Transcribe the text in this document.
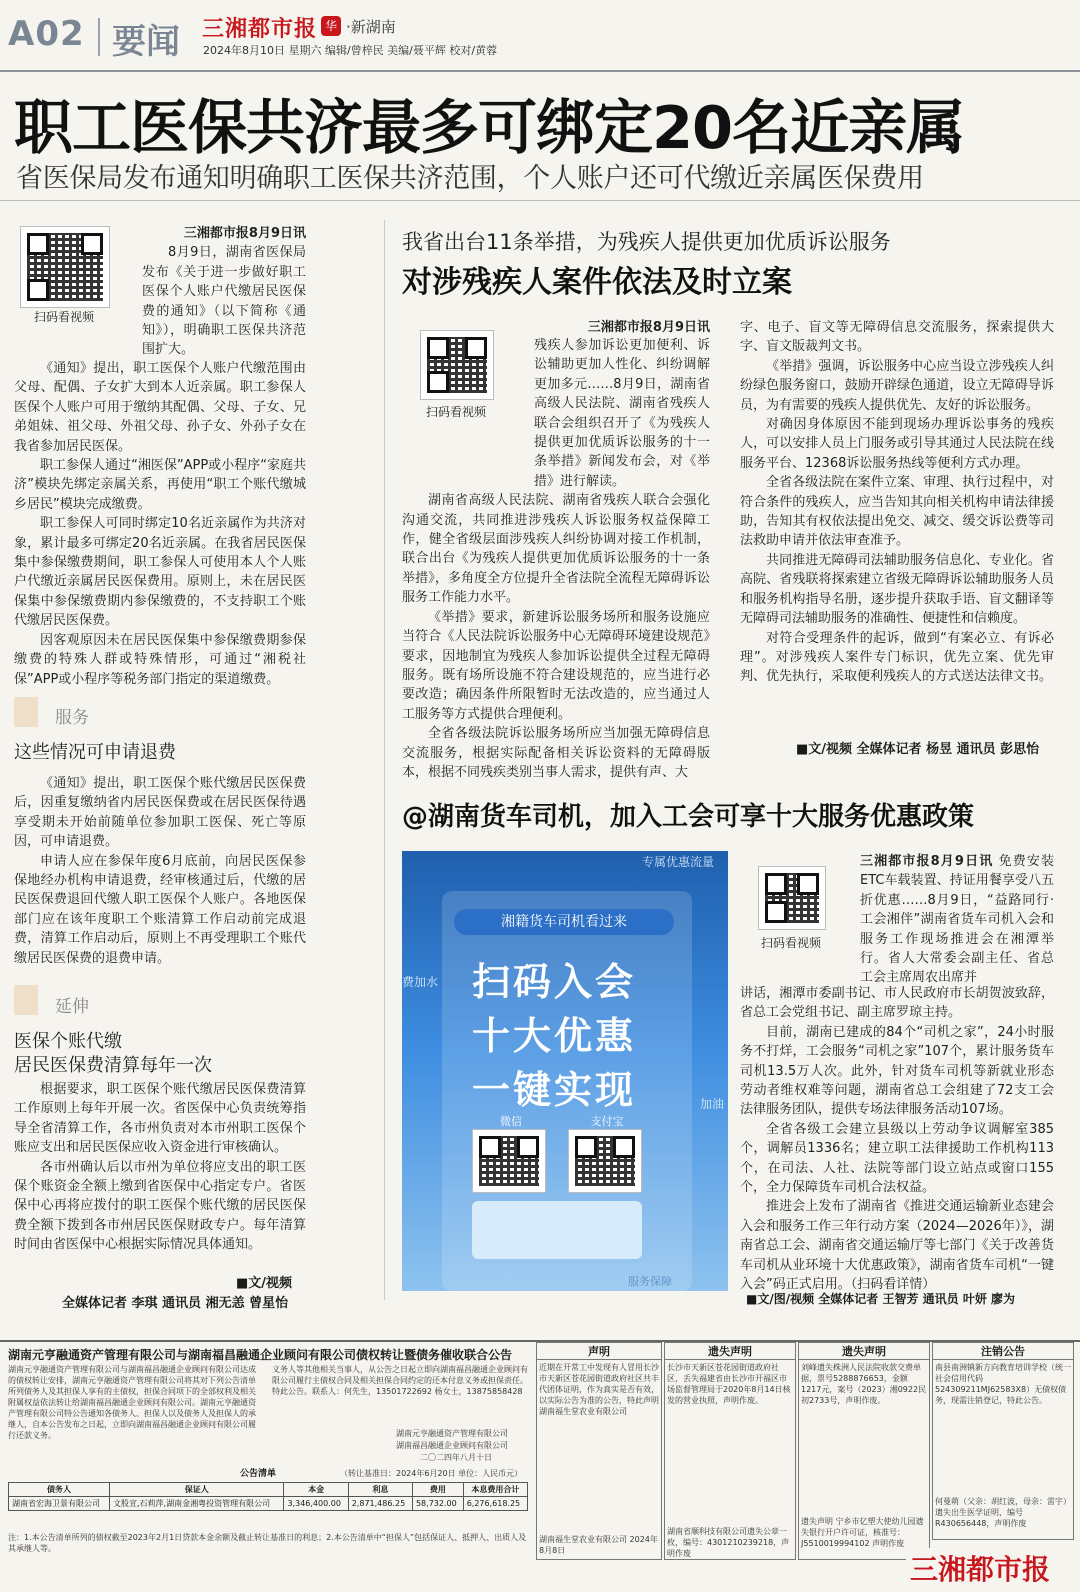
A02 要闻 三湘都市报 华 ·新湖南
2024年8月10日 星期六 编辑/曾梓民 美编/聂平辉 校对/黄蓉
职工医保共济最多可绑定20名近亲属
省医保局发布通知明确职工医保共济范围，个人账户还可代缴近亲属医保费用
扫码看视频

三湘都市报8月9日讯

8月9日，湖南省医保局发布《关于进一步做好职工医保个人账户代缴居民医保费的通知》（以下简称《通知》），明确职工医保共济范围扩大。

《通知》提出，职工医保个人账户代缴范围由父母、配偶、子女扩大到本人近亲属。职工参保人医保个人账户可用于缴纳其配偶、父母、子女、兄弟姐妹、祖父母、外祖父母、孙子女、外孙子女在我省参加居民医保。

职工参保人通过“湘医保”APP或小程序“家庭共济”模块先绑定亲属关系，再使用“职工个账代缴城乡居民”模块完成缴费。

职工参保人可同时绑定10名近亲属作为共济对象，累计最多可绑定20名近亲属。在我省居民医保集中参保缴费期间，职工参保人可使用本人个人账户代缴近亲属居民医保费用。原则上，未在居民医保集中参保缴费期内参保缴费的，不支持职工个账代缴居民医保费。

因客观原因未在居民医保集中参保缴费期参保缴费的特殊人群或特殊情形，可通过“湘税社保”APP或小程序等税务部门指定的渠道缴费。

服务
这些情况可申请退费

《通知》提出，职工医保个账代缴居民医保费后，因重复缴纳省内居民医保费或在居民医保待遇享受期未开始前随单位参加职工医保、死亡等原因，可申请退费。

申请人应在参保年度6月底前，向居民医保参保地经办机构申请退费，经审核通过后，代缴的居民医保费退回代缴人职工医保个人账户。各地医保部门应在该年度职工个账清算工作启动前完成退费，清算工作启动后，原则上不再受理职工个账代缴居民医保费的退费申请。

延伸
医保个账代缴
居民医保费清算每年一次

根据要求，职工医保个账代缴居民医保费清算工作原则上每年开展一次。省医保中心负责统筹指导全省清算工作，各市州负责对本市州职工医保个账应支出和居民医保应收入资金进行审核确认。

各市州确认后以市州为单位将应支出的职工医保个账资金全额上缴到省医保中心指定专户。省医保中心再将应拨付的职工医保个账代缴的居民医保费全额下拨到各市州居民医保财政专户。每年清算时间由省医保中心根据实际情况具体通知。

■文/视频
全媒体记者 李琪 通讯员 湘无恙 曾星怡
我省出台11条举措，为残疾人提供更加优质诉讼服务
对涉残疾人案件依法及时立案
扫码看视频

三湘都市报8月9日讯

残疾人参加诉讼更加便利、诉讼辅助更加人性化、纠纷调解更加多元……8月9日，湖南省高级人民法院、湖南省残疾人联合会组织召开了《为残疾人提供更加优质诉讼服务的十一条举措》新闻发布会，对《举措》进行解读。

湖南省高级人民法院、湖南省残疾人联合会强化沟通交流，共同推进涉残疾人诉讼服务权益保障工作，健全省级层面涉残疾人纠纷协调对接工作机制，联合出台《为残疾人提供更加优质诉讼服务的十一条举措》，多角度全方位提升全省法院全流程无障碍诉讼服务工作能力水平。

《举措》要求，新建诉讼服务场所和服务设施应当符合《人民法院诉讼服务中心无障碍环境建设规范》要求，因地制宜为残疾人参加诉讼提供全过程无障碍服务。既有场所设施不符合建设规范的，应当进行必要改造；确因条件所限暂时无法改造的，应当通过人工服务等方式提供合理便利。

全省各级法院诉讼服务场所应当加强无障碍信息交流服务，根据实际配备相关诉讼资料的无障碍版本，根据不同残疾类别当事人需求，提供有声、大

字、电子、盲文等无障碍信息交流服务，探索提供大字、盲文版裁判文书。

《举措》强调，诉讼服务中心应当设立涉残疾人纠纷绿色服务窗口，鼓励开辟绿色通道，设立无障碍导诉员，为有需要的残疾人提供优先、友好的诉讼服务。

对确因身体原因不能到现场办理诉讼事务的残疾人，可以安排人员上门服务或引导其通过人民法院在线服务平台、12368诉讼服务热线等便利方式办理。

全省各级法院在案件立案、审理、执行过程中，对符合条件的残疾人，应当告知其向相关机构申请法律援助，告知其有权依法提出免交、减交、缓交诉讼费等司法救助申请并依法审查准予。

共同推进无障碍司法辅助服务信息化、专业化。省高院、省残联将探索建立省级无障碍诉讼辅助服务人员和服务机构指导名册，逐步提升获取手语、盲文翻译等无障碍司法辅助服务的准确性、便捷性和信赖度。

对符合受理条件的起诉，做到“有案必立、有诉必理”。对涉残疾人案件专门标识，优先立案、优先审判、优先执行，采取便利残疾人的方式送达法律文书。

■文/视频 全媒体记者 杨昱 通讯员 彭思怡
@湖南货车司机，加入工会可享十大服务优惠政策
专属优惠流量
湘籍货车司机看过来
费加水
加油
扫码入会
十大优惠
一键实现
微信	支付宝
服务保障
扫码看视频

三湘都市报8月9日讯 免费安装ETC车载装置、持证用餐享受八五折优惠……8月9日，“益路同行·工会湘伴”湖南省货车司机入会和服务工作现场推进会在湘潭举行。省人大常委会副主任、省总工会主席周农出席并

讲话，湘潭市委副书记、市人民政府市长胡贺波致辞，省总工会党组书记、副主席罗琼主持。

目前，湖南已建成的84个“司机之家”，24小时服务不打烊，工会服务“司机之家”107个，累计服务货车司机13.5万人次。此外，针对货车司机等新就业形态劳动者维权难等问题，湖南省总工会组建了72支工会法律服务团队，提供专场法律服务活动107场。

全省各级工会建立县级以上劳动争议调解室385个，调解员1336名；建立职工法律援助工作机构113个，在司法、人社、法院等部门设立站点或窗口155个，全力保障货车司机合法权益。

推进会上发布了湖南省《推进交通运输新业态建会入会和服务工作三年行动方案（2024—2026年）》，湖南省总工会、湖南省交通运输厅等七部门《关于改善货车司机从业环境十大优惠政策》，湖南省货车司机“一键入会”码正式启用。（扫码看详情）

■文/图/视频 全媒体记者 王智芳 通讯员 叶妍 廖为
湖南元亨融通资产管理有限公司与湖南福昌融通企业顾问有限公司债权转让暨债务催收联合公告
湖南元亨融通资产管理有限公司与湖南福昌融通企业顾问有限公司达成的债权转让安排，湖南元亨融通资产管理有限公司将其对下列公告清单所列债务人及其担保人享有的主债权，担保合同项下的全部权利及相关附属权益依法转让给湖南福昌融通企业顾问有限公司。湖南元亨融通资产管理有限公司特公告通知各债务人、担保人以及债务人及担保人的承继人，自本公告发布之日起，立即向湖南福昌融通企业顾问有限公司履行还款义务。
义务人等其他相关当事人，从公告之日起立即向湖南福昌融通企业顾问有限公司履行主债权合同及相关担保合同约定的还本付息义务或担保责任。特此公告。联系人：何先生，13501722692 杨女士，13875858428
湖南元亨融通资产管理有限公司
湖南福昌融通企业顾问有限公司
二〇二四年八月十日
公告清单	（转让基准日：2024年6月20日 单位：人民币元）
债务人	保证人	本金	利息	费用	本息费用合计
湖南省宏海卫景有限公司	文股宣,石莉萍,湖南金湘粤投资管理有限公司	3,346,400.00	2,871,486.25	58,732.00	6,276,618.25
注：1.本公告清单所列的债权截至2023年2月1日贷款本金余额及截止转让基准日的利息；2.本公告清单中“担保人”包括保证人、抵押人、出质人及其承继人等。
声明
近期在开常工中发现有人冒用长沙市天新区苍花园街道政府社区共丰代团体证明，作为真实是否有效，以实际公告为准的公告，特此声明湖南福生堂农业有限公司
湖南福生堂农业有限公司 2024年8月8日
遗失声明
长沙市天新区苍花园街道政府社区，丢失福建省由长沙市开福区市场监督管理局于2020年8月14日核发的营业执照，声明作废。
湖南省顺科技有限公司遗失公章一枚，编号：4301210239218，声明作废
遗失声明
刘峰遗失株洲人民法院收款交费单据，票号5288876653，金额1217元，案号（2023）湘0922民初2733号，声明作废。
遗失声明 宁乡市亿塑大使幼儿园遗失银行开户许可证，核准号：J5510019994102 声明作废
注销公告
南县南洲镇新方向教育培训学校（统一社会信用代码524309211MJ62583X8）无债权债务，现需注销登记，特此公告。
何曼萌（父亲：胡红波，母亲：雷宇）遗失出生医学证明，编号R430656448，声明作废
三湘都市报
